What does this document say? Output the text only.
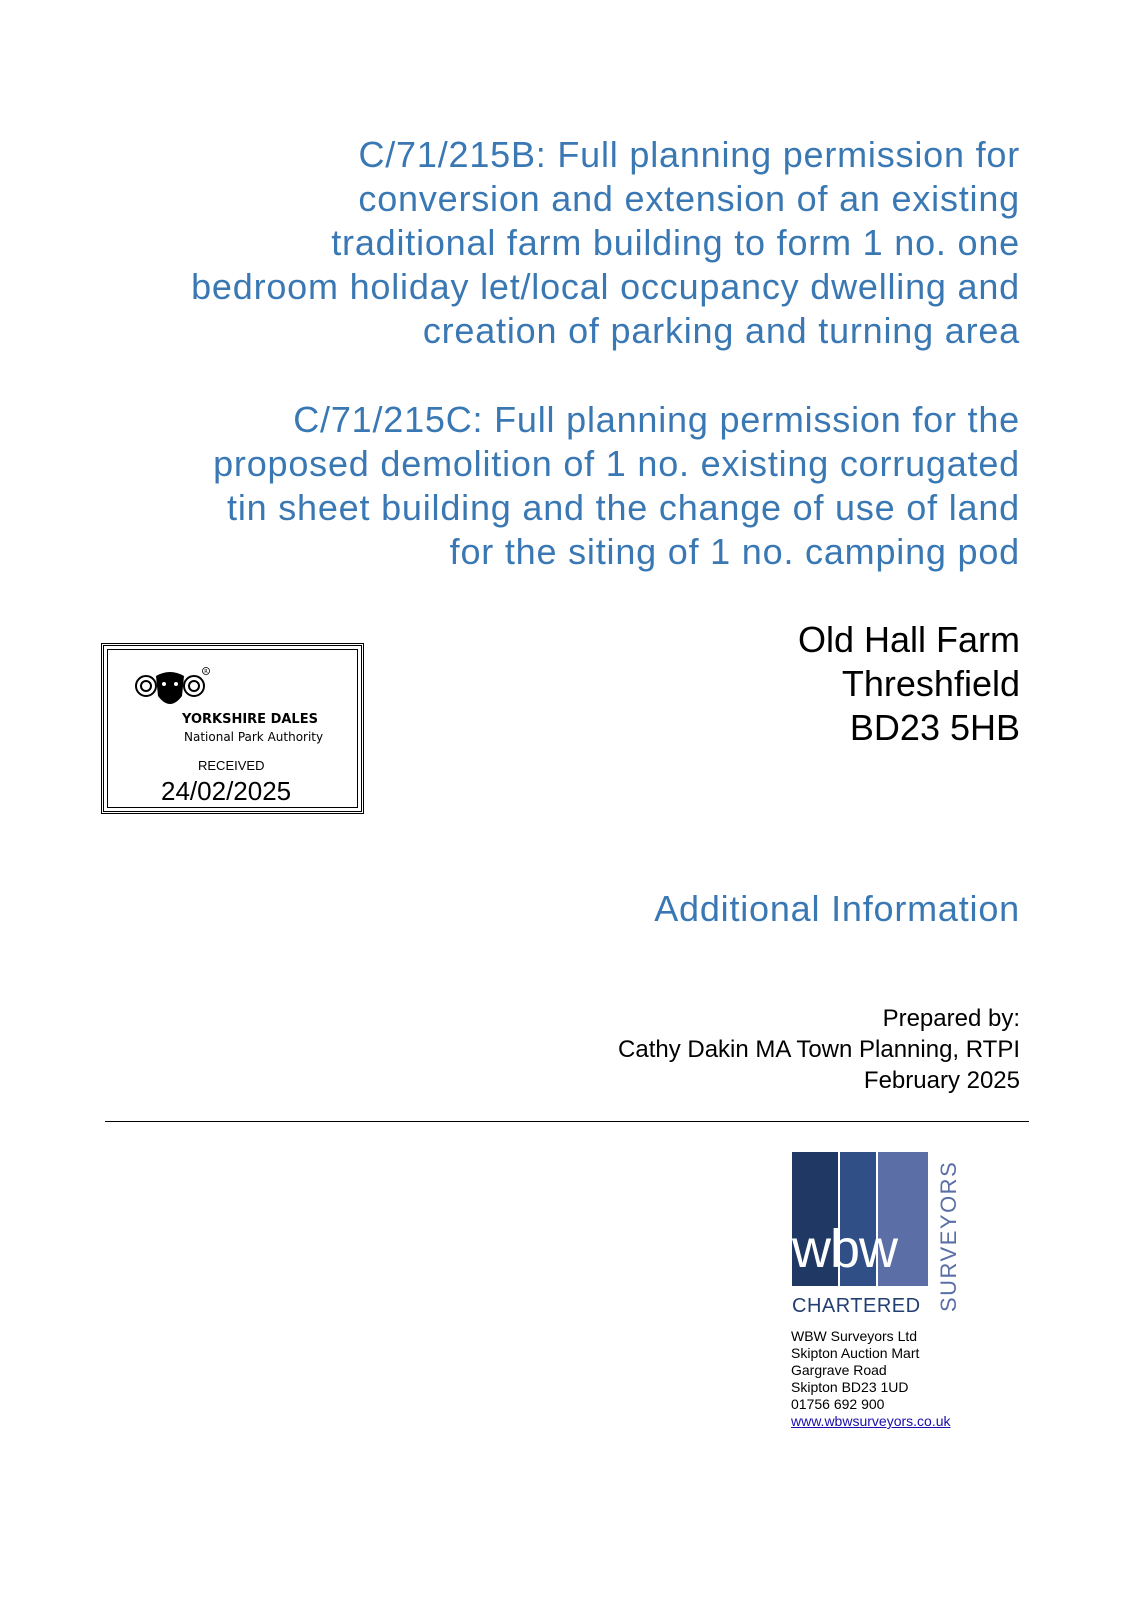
C/71/215B: Full planning permission for
conversion and extension of an existing
traditional farm building to form 1 no. one
bedroom holiday let/local occupancy dwelling and
creation of parking and turning area
C/71/215C: Full planning permission for the
proposed demolition of 1 no. existing corrugated
tin sheet building and the change of use of land
for the siting of 1 no. camping pod
R
YORKSHIRE DALES
National Park Authority
RECEIVED
24/02/2025
Old Hall Farm
Threshfield
BD23 5HB
Additional Information
Prepared by:
Cathy Dakin MA Town Planning, RTPI
February 2025
wbw
CHARTERED SURVEYORS
WBW Surveyors Ltd
Skipton Auction Mart
Gargrave Road
Skipton BD23 1UD
01756 692 900
www.wbwsurveyors.co.uk
